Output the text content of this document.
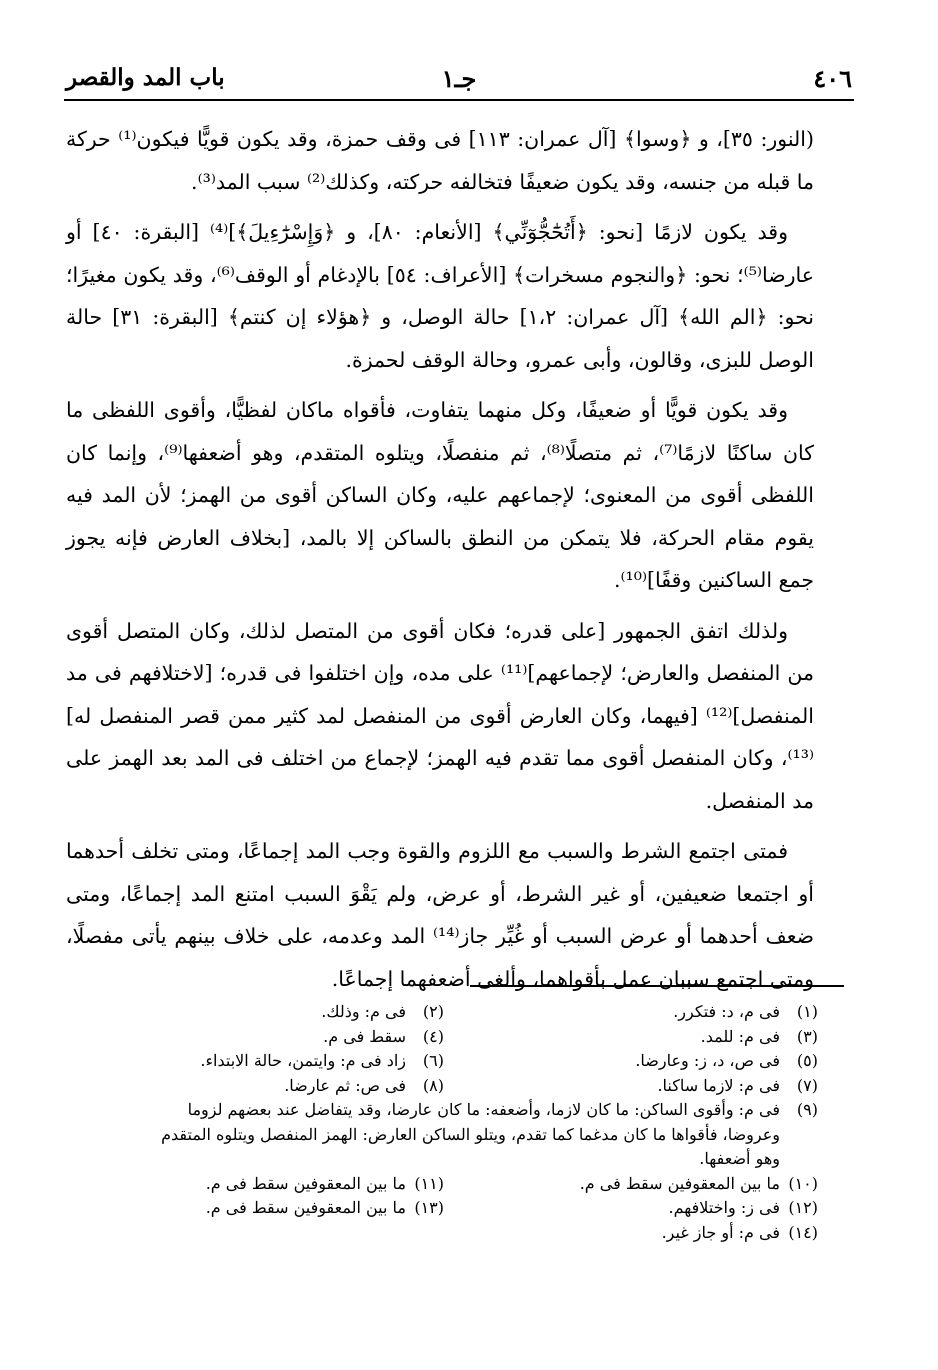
٤٠٦
جـ١
باب المد والقصر

(النور: ٣٥]، و ﴿وسوا﴾ [آل عمران: ١١٣] فى وقف حمزة، وقد يكون قويًّا فيكون⁽¹⁾ حركة ما قبله من جنسه، وقد يكون ضعيفًا فتخالفه حركته، وكذلك⁽²⁾ سبب المد⁽³⁾.

وقد يكون لازمًا [نحو: ﴿أَتُحَٰٓجُّوٓنِّي﴾ [الأنعام: ٨٠]، و ﴿وَإِسْرَٰٓءِيلَ﴾]⁽⁴⁾ [البقرة: ٤٠] أو عارضا⁽⁵⁾؛ نحو: ﴿والنجوم مسخرات﴾ [الأعراف: ٥٤] بالإدغام أو الوقف⁽⁶⁾، وقد يكون مغيرًا؛ نحو: ﴿الم الله﴾ [آل عمران: ١،٢] حالة الوصل، و ﴿هؤلاء إن كنتم﴾ [البقرة: ٣١] حالة الوصل للبزى، وقالون، وأبى عمرو، وحالة الوقف لحمزة.

وقد يكون قويًّا أو ضعيفًا، وكل منهما يتفاوت، فأقواه ماكان لفظيًّا، وأقوى اللفظى ما كان ساكنًا لازمًا⁽⁷⁾، ثم متصلًا⁽⁸⁾، ثم منفصلًا، ويتلوه المتقدم، وهو أضعفها⁽⁹⁾، وإنما كان اللفظى أقوى من المعنوى؛ لإجماعهم عليه، وكان الساكن أقوى من الهمز؛ لأن المد فيه يقوم مقام الحركة، فلا يتمكن من النطق بالساكن إلا بالمد، [بخلاف العارض فإنه يجوز جمع الساكنين وقفًا]⁽¹⁰⁾.

ولذلك اتفق الجمهور [على قدره؛ فكان أقوى من المتصل لذلك، وكان المتصل أقوى من المنفصل والعارض؛ لإجماعهم]⁽¹¹⁾ على مده، وإن اختلفوا فى قدره؛ [لاختلافهم فى مد المنفصل]⁽¹²⁾ [فيهما، وكان العارض أقوى من المنفصل لمد كثير ممن قصر المنفصل له]⁽¹³⁾، وكان المنفصل أقوى مما تقدم فيه الهمز؛ لإجماع من اختلف فى المد بعد الهمز على مد المنفصل.

فمتى اجتمع الشرط والسبب مع اللزوم والقوة وجب المد إجماعًا، ومتى تخلف أحدهما أو اجتمعا ضعيفين، أو غير الشرط، أو عرض، ولم يَقْوَ السبب امتنع المد إجماعًا، ومتى ضعف أحدهما أو عرض السبب أو غُيِّر جاز⁽¹⁴⁾ المد وعدمه، على خلاف بينهم يأتى مفصلًا، ومتى اجتمع سببان عمل بأقواهما، وألغى أضعفهما إجماعًا.

(١)فى م، د: فتكرر.
(٢)فى م: وذلك.
(٣)فى م: للمد.
(٤)سقط فى م.
(٥)فى ص، د، ز: وعارضا.
(٦)زاد فى م: وايتمن، حالة الابتداء.
(٧)فى م: لازما ساكنا.
(٨)فى ص: ثم عارضا.
(٩)فى م: وأقوى الساكن: ما كان لازما، وأضعفه: ما كان عارضا، وقد يتفاضل عند بعضهم لزوما
وعروضا، فأقواها ما كان مدغما كما تقدم، ويتلو الساكن العارض: الهمز المنفصل ويتلوه المتقدم
وهو أضعفها.
(١٠)ما بين المعقوفين سقط فى م.
(١١)ما بين المعقوفين سقط فى م.
(١٢)فى ز: واختلافهم.
(١٣)ما بين المعقوفين سقط فى م.
(١٤)فى م: أو جاز غير.
